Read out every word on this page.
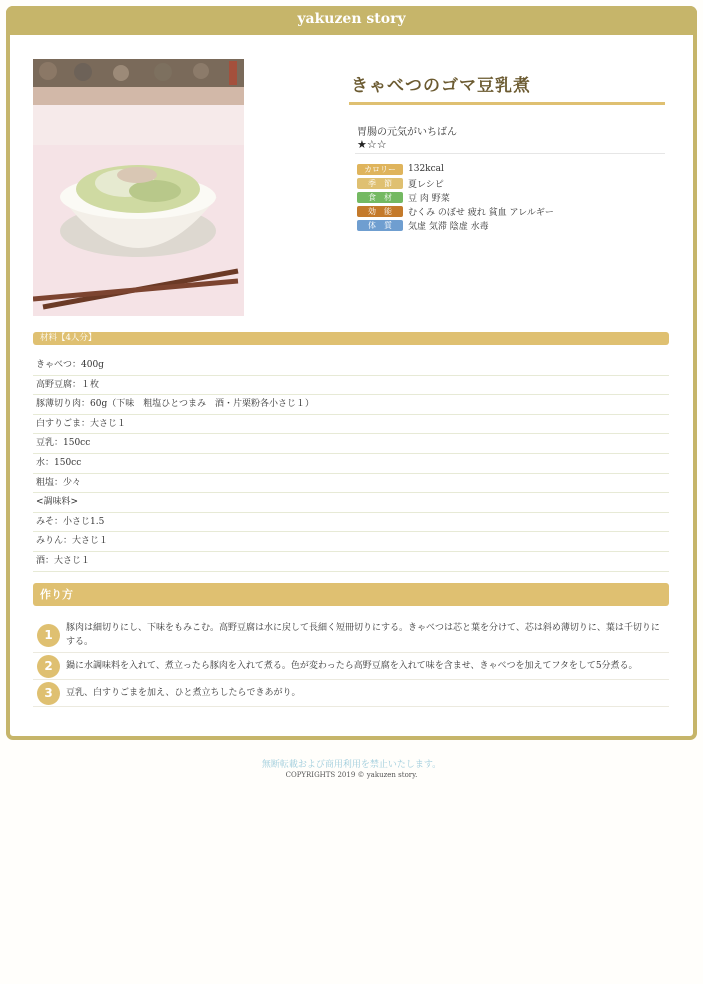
yakuzen story
きゃべつのゴマ豆乳煮
胃腸の元気がいちばん
★☆☆
カロリー	132kcal
季　節	夏レシピ
食　材	豆 肉 野菜
効　能	むくみ のぼせ 疲れ 貧血 アレルギー
体　質	気虚 気滞 陰虚 水毒
材料【4人分】
きゃべつ：400g
高野豆腐：１枚
豚薄切り肉：60g（下味　粗塩ひとつまみ　酒・片栗粉各小さじ１）
白すりごま：大さじ１
豆乳：150cc
水：150cc
粗塩：少々
<調味料>
みそ：小さじ1.5
みりん：大さじ１
酒：大さじ１
作り方
1	豚肉は細切りにし、下味をもみこむ。高野豆腐は水に戻して長細く短冊切りにする。きゃべつは芯と葉を分けて、芯は斜め薄切りに、葉は千切りにする。
2	鍋に水調味料を入れて、煮立ったら豚肉を入れて煮る。色が変わったら高野豆腐を入れて味を含ませ、きゃべつを加えてフタをして5分煮る。
3	豆乳、白すりごまを加え、ひと煮立ちしたらできあがり。
無断転載および商用利用を禁止いたします。
COPYRIGHTS 2019 © yakuzen story.
